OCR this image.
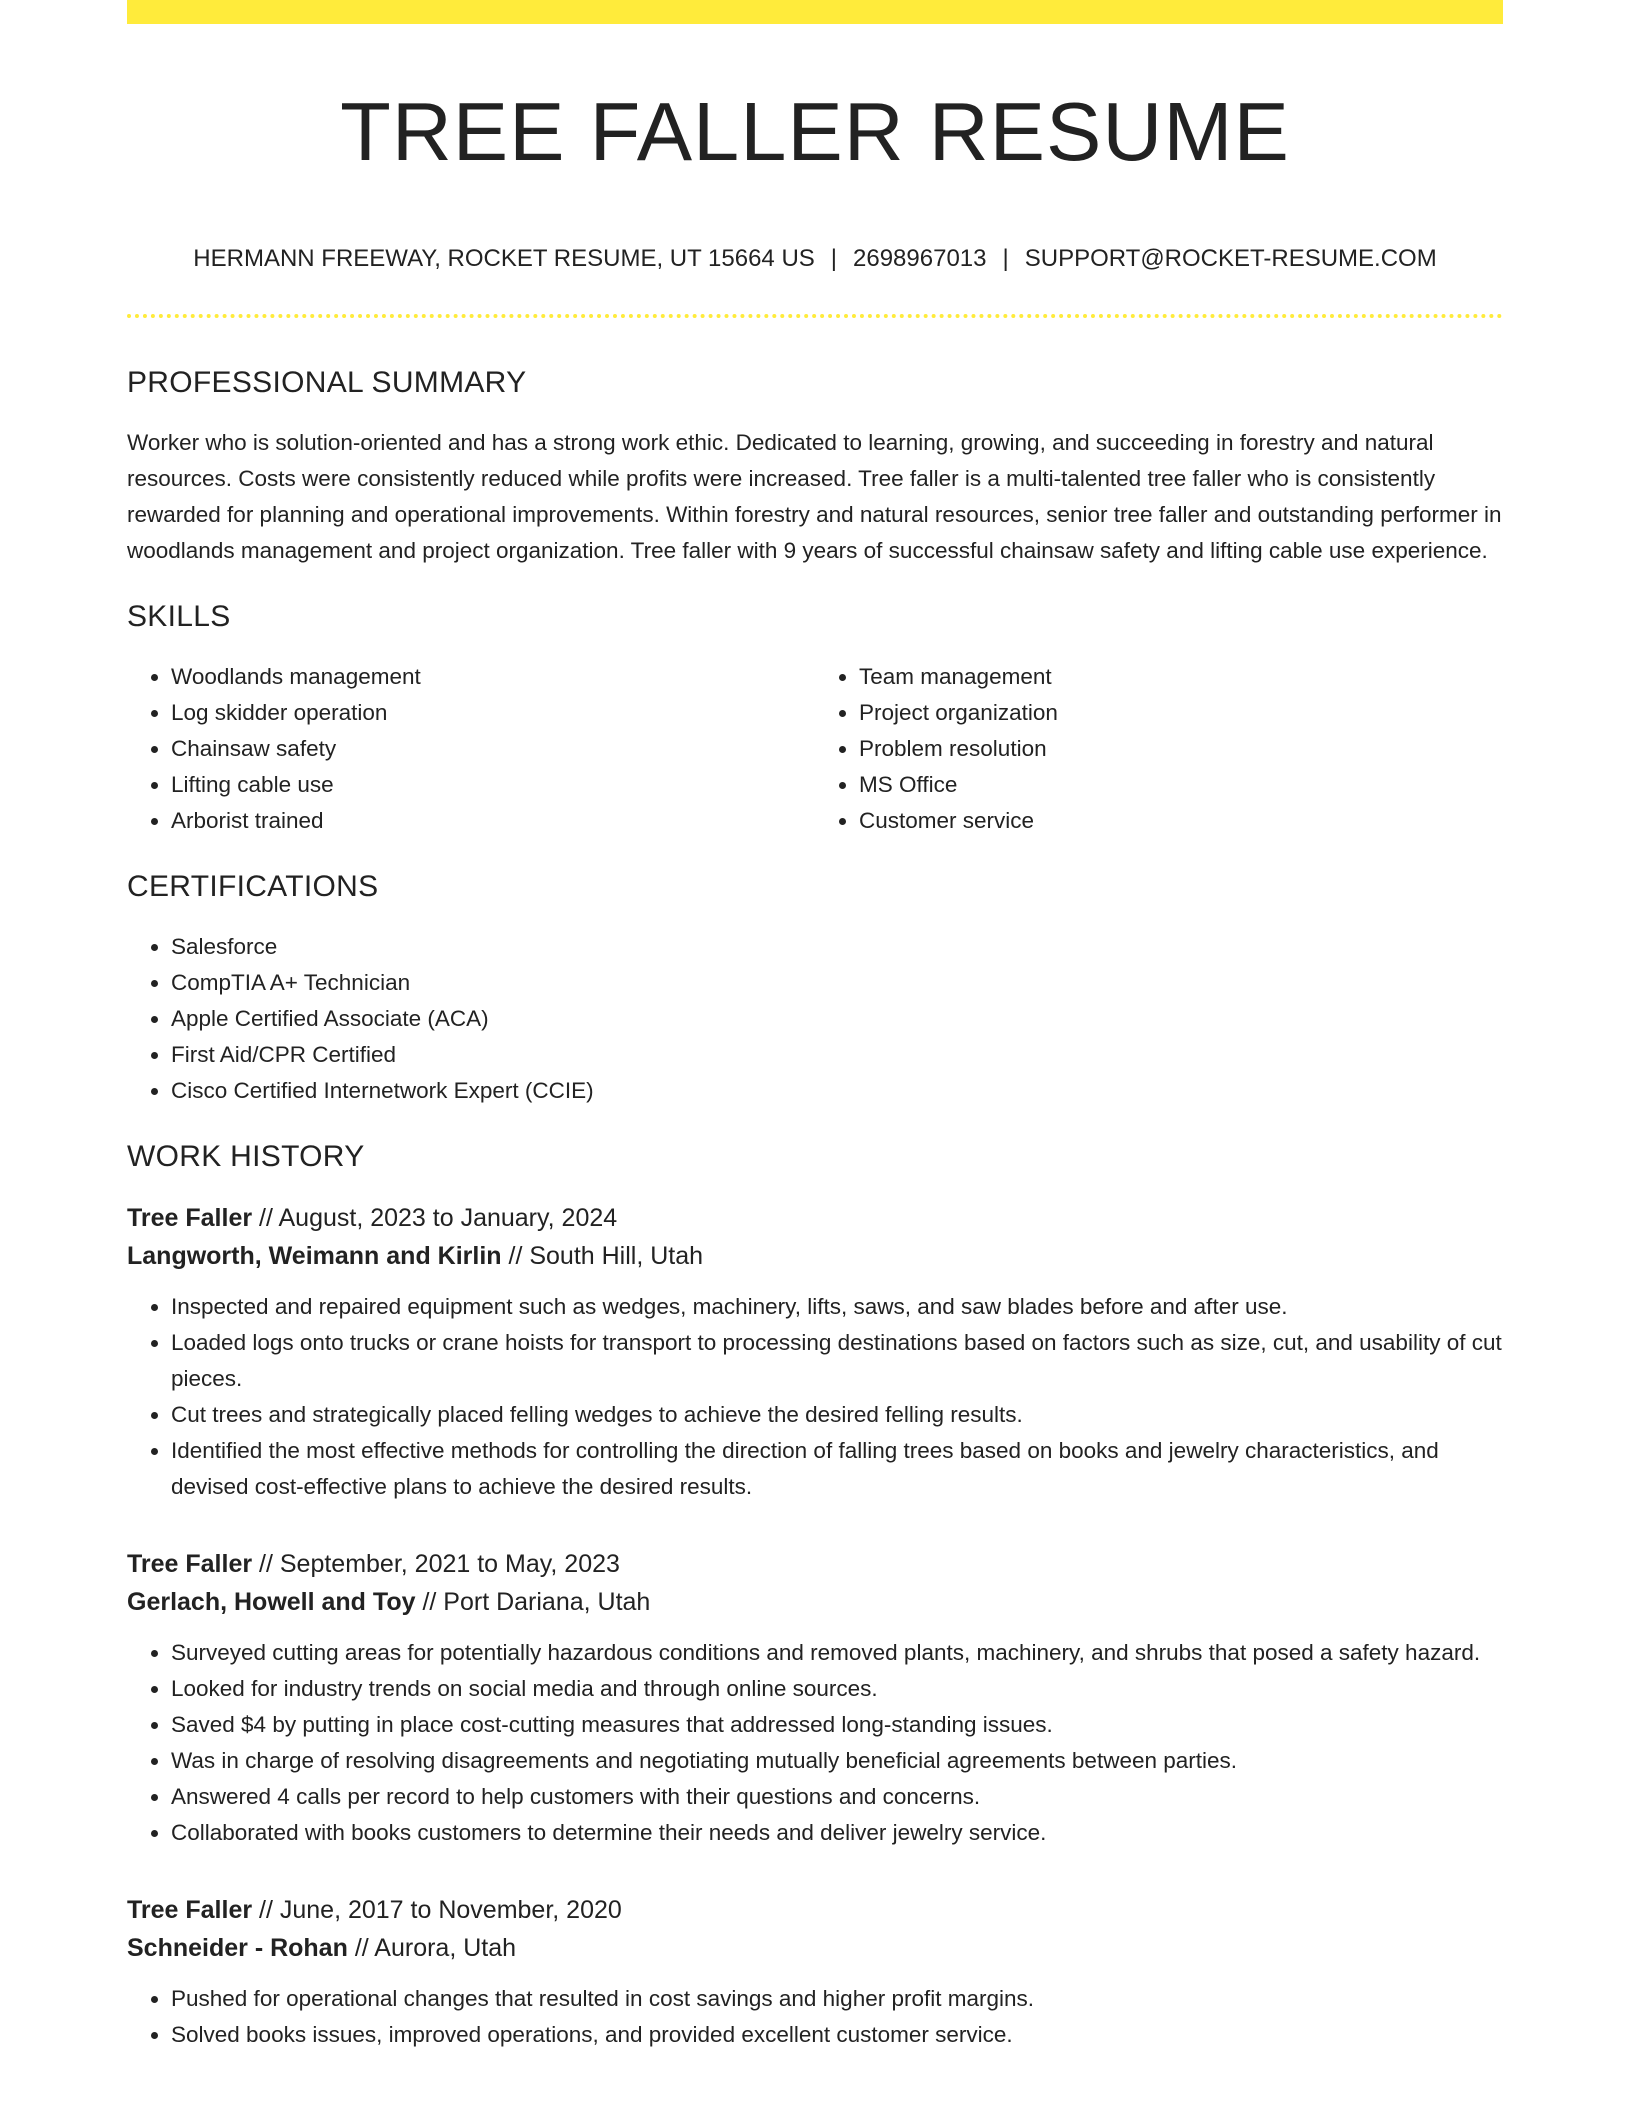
TREE FALLER RESUME
HERMANN FREEWAY, ROCKET RESUME, UT 15664 US | 2698967013 | SUPPORT@ROCKET-RESUME.COM
PROFESSIONAL SUMMARY

Worker who is solution-oriented and has a strong work ethic. Dedicated to learning, growing, and succeeding in forestry and natural resources. Costs were consistently reduced while profits were increased. Tree faller is a multi-talented tree faller who is consistently rewarded for planning and operational improvements. Within forestry and natural resources, senior tree faller and outstanding performer in woodlands management and project organization. Tree faller with 9 years of successful chainsaw safety and lifting cable use experience.

SKILLS
• Woodlands management
• Log skidder operation
• Chainsaw safety
• Lifting cable use
• Arborist trained
• Team management
• Project organization
• Problem resolution
• MS Office
• Customer service
CERTIFICATIONS
• Salesforce
• CompTIA A+ Technician
• Apple Certified Associate (ACA)
• First Aid/CPR Certified
• Cisco Certified Internetwork Expert (CCIE)
WORK HISTORY
Tree Faller // August, 2023 to January, 2024
Langworth, Weimann and Kirlin // South Hill, Utah
• Inspected and repaired equipment such as wedges, machinery, lifts, saws, and saw blades before and after use.
• Loaded logs onto trucks or crane hoists for transport to processing destinations based on factors such as size, cut, and usability of cut pieces.
• Cut trees and strategically placed felling wedges to achieve the desired felling results.
• Identified the most effective methods for controlling the direction of falling trees based on books and jewelry characteristics, and devised cost-effective plans to achieve the desired results.
Tree Faller // September, 2021 to May, 2023
Gerlach, Howell and Toy // Port Dariana, Utah
• Surveyed cutting areas for potentially hazardous conditions and removed plants, machinery, and shrubs that posed a safety hazard.
• Looked for industry trends on social media and through online sources.
• Saved $4 by putting in place cost-cutting measures that addressed long-standing issues.
• Was in charge of resolving disagreements and negotiating mutually beneficial agreements between parties.
• Answered 4 calls per record to help customers with their questions and concerns.
• Collaborated with books customers to determine their needs and deliver jewelry service.
Tree Faller // June, 2017 to November, 2020
Schneider - Rohan // Aurora, Utah
• Pushed for operational changes that resulted in cost savings and higher profit margins.
• Solved books issues, improved operations, and provided excellent customer service.
